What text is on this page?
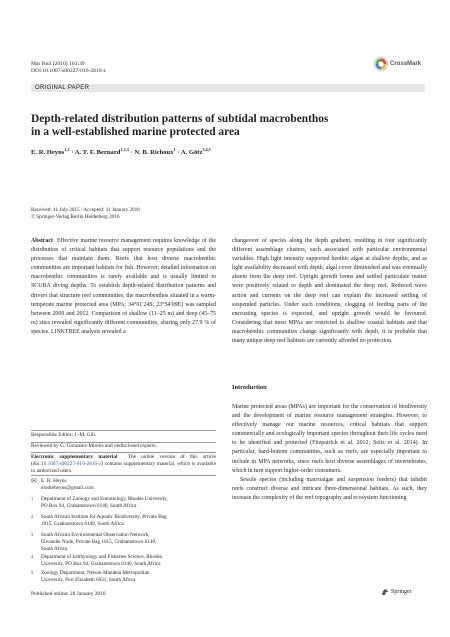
Mar Biol (2016) 163:39
DOI 10.1007/s00227-016-2816-z
CrossMark
ORIGINAL PAPER
Depth-related distribution patterns of subtidal macrobenthos
in a well-established marine protected area
E. R. Heyns$^{1,2}$ · A. T. F. Bernard$^{1,2,3}$ · N. B. Richoux$^1$ · A. Götz$^{3,4,5}$
Received: 11 July 2015 / Accepted: 11 January 2016
© Springer-Verlag Berlin Heidelberg 2016
Abstract Effective marine resource management requires knowledge of the distribution of critical habitats that support resource populations and the processes that maintain them. Reefs that host diverse macrobenthic communities are important habitats for fish. However, detailed information on macrobenthic communities is rarely available and is usually limited to SCUBA diving depths. To establish depth-related distribution patterns and drivers that structure reef communities, the macrobenthos situated in a warm-temperate marine protected area (MPA; 34°01′24S; 23°54′09E) was sampled between 2009 and 2012. Comparison of shallow (11–25 m) and deep (45–75 m) sites revealed significantly different communities, sharing only 27.9 % of species. LINKTREE analysis revealed a
Responsible Editor: J.-M. Gili.
Reviewed by G. Gonzalez-Mirelis and undisclosed experts.
Electronic supplementary material The online version of this article (doi:10.1007/s00227-016-2816-z) contains supplementary material, which is available to authorized users.
✉ E. R. Heyns
elodieheyns@gmail.com
1 Department of Zoology and Entomology, Rhodes University,
PO Box 94, Grahamstown 6140, South Africa
2 South African Institute for Aquatic Biodiversity, Private Bag
1015, Grahamstown 6140, South Africa
3 South African Environmental Observation Network,
Elwandle Node, Private Bag 1015, Grahamstown 6140,
South Africa
4 Department of Ichthyology and Fisheries Science, Rhodes
University, PO Box 94, Grahamstown 6140, South Africa
5 Zoology Department, Nelson Mandela Metropolitan
University, Port Elizabeth 6031, South Africa
changeover of species along the depth gradient, resulting in four significantly different assemblage clusters, each associated with particular environmental variables. High light intensity supported benthic algae at shallow depths, and as light availability decreased with depth, algal cover diminished and was eventually absent from the deep reef. Upright growth forms and settled particulate matter were positively related to depth and dominated the deep reef. Reduced wave action and currents on the deep reef can explain the increased settling of suspended particles. Under such conditions, clogging of feeding parts of the encrusting species is expected, and upright growth would be favoured. Considering that most MPAs are restricted to shallow coastal habitats and that macrobenthic communities change significantly with depth, it is probable that many unique deep reef habitats are currently afforded no protection.
Introduction
Marine protected areas (MPAs) are important for the conservation of biodiversity and the development of marine resource management strategies. However, to effectively manage our marine resources, critical habitats that support commercially and ecologically important species throughout their life cycles need to be identified and protected (Fitzpatrick et al. 2012; Seitz et al. 2014). In particular, hard-bottom communities, such as reefs, are especially important to include in MPA networks, since reefs host diverse assemblages of invertebrates, which in turn support higher-order consumers.
Sessile species (including macroalgae and suspension feeders) that inhabit reefs construct diverse and intricate three-dimensional habitats. As such, they increase the complexity of the reef topography and ecosystem functioning
Published online: 28 January 2016	Springer
